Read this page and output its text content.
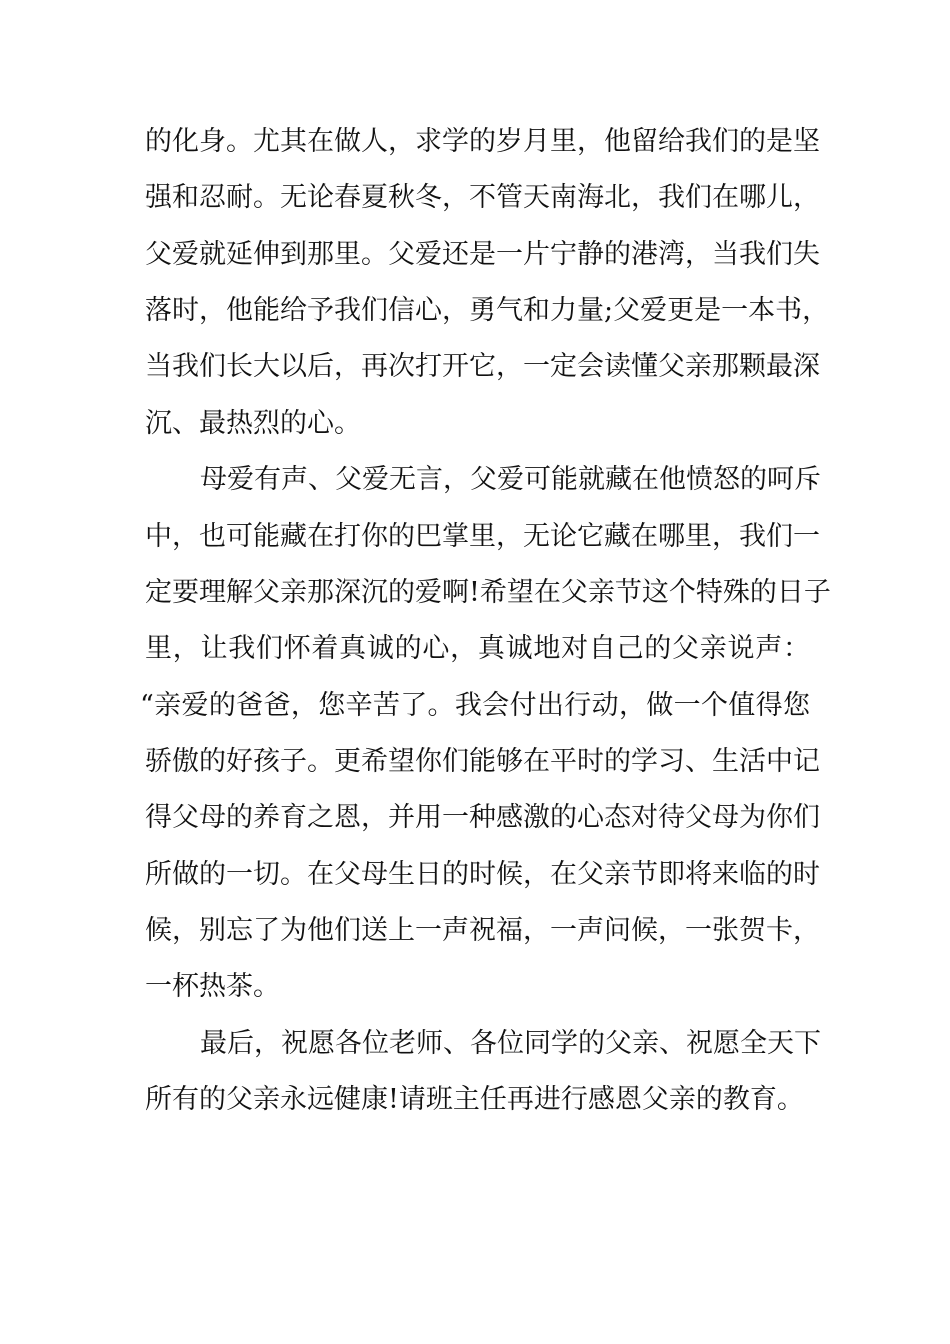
的化身。尤其在做人，求学的岁月里，他留给我们的是坚
强和忍耐。无论春夏秋冬，不管天南海北，我们在哪儿，
父爱就延伸到那里。父爱还是一片宁静的港湾，当我们失
落时，他能给予我们信心，勇气和力量;父爱更是一本书，
当我们长大以后，再次打开它，一定会读懂父亲那颗最深
沉、最热烈的心。
母爱有声、父爱无言，父爱可能就藏在他愤怒的呵斥
中，也可能藏在打你的巴掌里，无论它藏在哪里，我们一
定要理解父亲那深沉的爱啊!希望在父亲节这个特殊的日子
里，让我们怀着真诚的心，真诚地对自己的父亲说声：
“亲爱的爸爸，您辛苦了。我会付出行动，做一个值得您
骄傲的好孩子。更希望你们能够在平时的学习、生活中记
得父母的养育之恩，并用一种感激的心态对待父母为你们
所做的一切。在父母生日的时候，在父亲节即将来临的时
候，别忘了为他们送上一声祝福，一声问候，一张贺卡，
一杯热茶。
最后，祝愿各位老师、各位同学的父亲、祝愿全天下
所有的父亲永远健康!请班主任再进行感恩父亲的教育。
